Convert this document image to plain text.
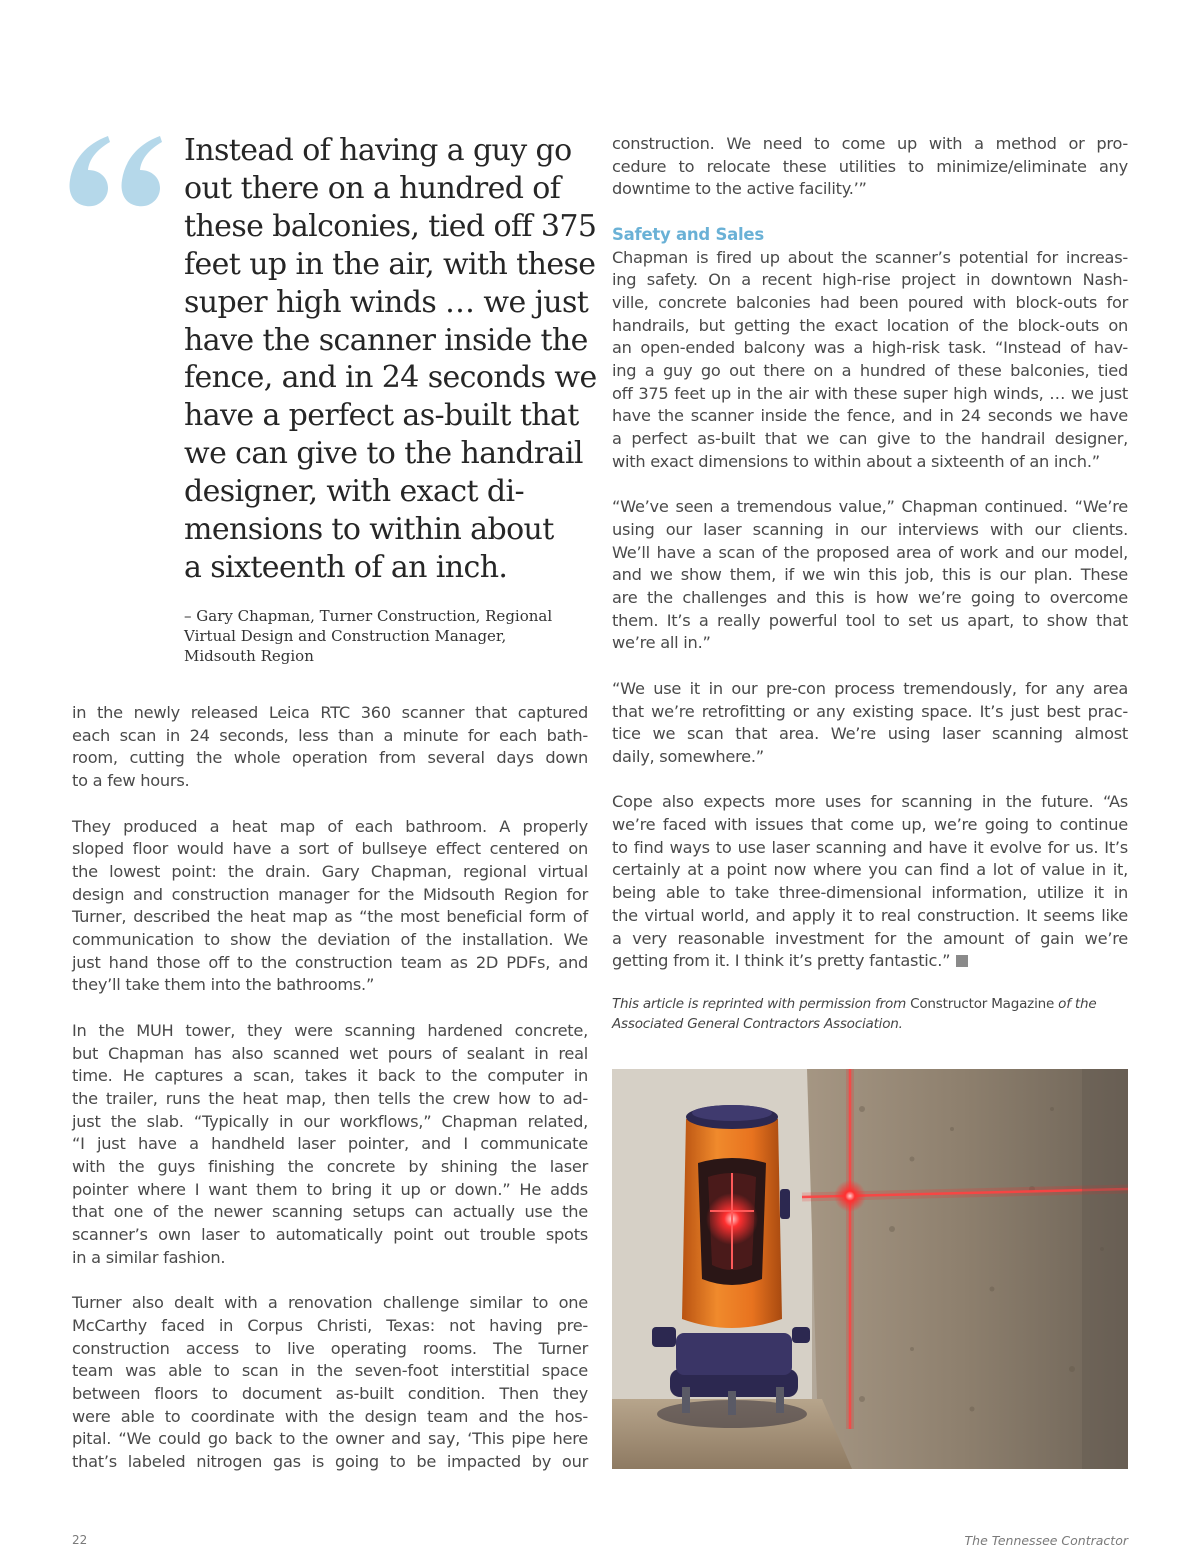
Instead of having a guy go
out there on a hundred of
these balconies, tied off 375
feet up in the air, with these
super high winds … we just
have the scanner inside the
fence, and in 24 seconds we
have a perfect as-built that
we can give to the handrail
designer, with exact di-
mensions to within about
a sixteenth of an inch.
– Gary Chapman, Turner Construction, Regional
Virtual Design and Construction Manager,
Midsouth Region

in the newly released Leica RTC 360 scanner that captured
each scan in 24 seconds, less than a minute for each bath-
room, cutting the whole operation from several days down
to a few hours.

They produced a heat map of each bathroom. A properly
sloped floor would have a sort of bullseye effect centered on
the lowest point: the drain. Gary Chapman, regional virtual
design and construction manager for the Midsouth Region for
Turner, described the heat map as “the most beneficial form of
communication to show the deviation of the installation. We
just hand those off to the construction team as 2D PDFs, and
they’ll take them into the bathrooms.”

In the MUH tower, they were scanning hardened concrete,
but Chapman has also scanned wet pours of sealant in real
time. He captures a scan, takes it back to the computer in
the trailer, runs the heat map, then tells the crew how to ad-
just the slab. “Typically in our workflows,” Chapman related,
“I just have a handheld laser pointer, and I communicate
with the guys finishing the concrete by shining the laser
pointer where I want them to bring it up or down.” He adds
that one of the newer scanning setups can actually use the
scanner’s own laser to automatically point out trouble spots
in a similar fashion.

Turner also dealt with a renovation challenge similar to one
McCarthy faced in Corpus Christi, Texas: not having pre-
construction access to live operating rooms. The Turner
team was able to scan in the seven-foot interstitial space
between floors to document as-built condition. Then they
were able to coordinate with the design team and the hos-
pital. “We could go back to the owner and say, ‘This pipe here
that’s labeled nitrogen gas is going to be impacted by our

construction. We need to come up with a method or pro-
cedure to relocate these utilities to minimize/eliminate any
downtime to the active facility.’”

Safety and Sales

Chapman is fired up about the scanner’s potential for increas-
ing safety. On a recent high-rise project in downtown Nash-
ville, concrete balconies had been poured with block-outs for
handrails, but getting the exact location of the block-outs on
an open-ended balcony was a high-risk task. “Instead of hav-
ing a guy go out there on a hundred of these balconies, tied
off 375 feet up in the air with these super high winds, … we just
have the scanner inside the fence, and in 24 seconds we have
a perfect as-built that we can give to the handrail designer,
with exact dimensions to within about a sixteenth of an inch.”

“We’ve seen a tremendous value,” Chapman continued. “We’re
using our laser scanning in our interviews with our clients.
We’ll have a scan of the proposed area of work and our model,
and we show them, if we win this job, this is our plan. These
are the challenges and this is how we’re going to overcome
them. It’s a really powerful tool to set us apart, to show that
we’re all in.”

“We use it in our pre-con process tremendously, for any area
that we’re retrofitting or any existing space. It’s just best prac-
tice we scan that area. We’re using laser scanning almost
daily, somewhere.”

Cope also expects more uses for scanning in the future. “As
we’re faced with issues that come up, we’re going to continue
to find ways to use laser scanning and have it evolve for us. It’s
certainly at a point now where you can find a lot of value in it,
being able to take three-dimensional information, utilize it in
the virtual world, and apply it to real construction. It seems like
a very reasonable investment for the amount of gain we’re
getting from it. I think it’s pretty fantastic.”

This article is reprinted with permission from Constructor Magazine of the
Associated General Contractors Association.
22	The Tennessee Contractor
